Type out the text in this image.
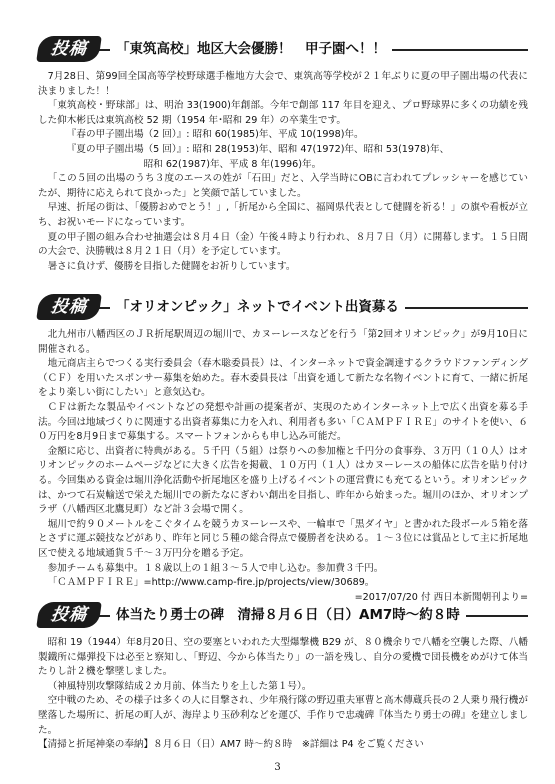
投稿	「東筑高校」地区大会優勝！　甲子園へ！！

7月28日、第99回全国高等学校野球選手権地方大会で、東筑高等学校が２１年ぶりに夏の甲子園出場の代表に決まりました！！

「東筑高校・野球部」は、明治 33(1900)年創部。今年で創部 117 年目を迎え、プロ野球界に多くの功績を残した仰木彬氏は東筑高校 52 期（1954 年･昭和 29 年）の卒業生です。

『春の甲子園出場（2 回）』: 昭和 60(1985)年、平成 10(1998)年。

『夏の甲子園出場（5 回）』: 昭和 28(1953)年、昭和 47(1972)年、昭和 53(1978)年、

昭和 62(1987)年、平成 8 年(1996)年。

「この５回の出場のうち３度のエースの姓が「石田」だと、入学当時にOBに言われてプレッシャーを感じていたが、期待に応えられて良かった」と笑顔で話していました。

早速、折尾の街は、「優勝おめでとう！」,「折尾から全国に、福岡県代表として健闘を祈る！」の旗や看板が立ち、お祝いモードになっています。

夏の甲子園の組み合わせ抽選会は８月４日（金）午後４時より行われ、８月７日（月）に開幕します。１５日間の大会で、決勝戦は８月２１日（月）を予定しています。

暑さに負けず、優勝を目指した健闘をお祈りしています。

投稿	「オリオンピック」ネットでイベント出資募る

北九州市八幡西区のＪＲ折尾駅周辺の堀川で、カヌーレースなどを行う「第2回オリオンピック」が9月10日に開催される。

地元商店主らでつくる実行委員会（春木聡委員長）は、インターネットで資金調達するクラウドファンディング（ＣＦ）を用いたスポンサー募集を始めた。春木委員長は「出資を通して新たな名物イベントに育て、一緒に折尾をより楽しい街にしたい」と意気込む。

ＣＦは新たな製品やイベントなどの発想や計画の提案者が、実現のためインターネット上で広く出資を募る手法。今回は地域づくりに関連する出資者募集に力を入れ、利用者も多い「ＣＡＭＰＦＩＲＥ」のサイトを使い、６０万円を8月9日まで募集する。スマートフォンからも申し込み可能だ。

金額に応じ、出資者に特典がある。５千円（５組）は祭りへの参加権と千円分の食事券、３万円（１０人）はオリオンピックのホームページなどに大きく広告を掲載、１０万円（１人）はカヌーレースの船体に広告を貼り付ける。今回集める資金は堀川浄化活動や折尾地区を盛り上げるイベントの運営費にも充てるという。オリオンピックは、かつて石炭輸送で栄えた堀川での新たなにぎわい創出を目指し、昨年から始まった。堀川のほか、オリオンプラザ（八幡西区北鷹見町）など計３会場で開く。

堀川で約９０メートルをこぐタイムを競うカヌーレースや、一輪車で「黒ダイヤ」と書かれた段ボール５箱を落とさずに運ぶ競技などがあり、昨年と同じ５種の総合得点で優勝者を決める。１～３位には賞品として主に折尾地区で使える地域通貨５千～３万円分を贈る予定。

参加チームも募集中。１８歳以上の１組３～５人で申し込む。参加費３千円。

「ＣＡＭＰＦＩＲＥ」=http://www.camp-fire.jp/projects/view/30689。

=2017/07/20 付 西日本新聞朝刊より=

投稿	体当たり勇士の碑　清掃８月６日（日）AM7時～約８時

昭和 19（1944）年8月20日、空の要塞といわれた大型爆撃機 B29 が、８０機余りで八幡を空襲した際、八幡製鐵所に爆弾投下は必至と察知し、「野辺、今から体当たり」の一語を残し、自分の愛機で団長機をめがけて体当たりし計２機を撃墜しました。

（神風特別攻撃隊結成２カ月前、体当たりを上した第１号）。

空中戦のため、その様子は多くの人に目撃され、少年飛行隊の野辺重夫軍曹と高木傳蔵兵長の２人乗り飛行機が墜落した場所に、折尾の町人が、海岸より玉砂利などを運び、手作りで忠魂碑『体当たり勇士の碑』を建立しました。

【清掃と折尾神楽の奉納】８月６日（日）AM7 時～約８時　※詳細は P4 をご覧ください

3
